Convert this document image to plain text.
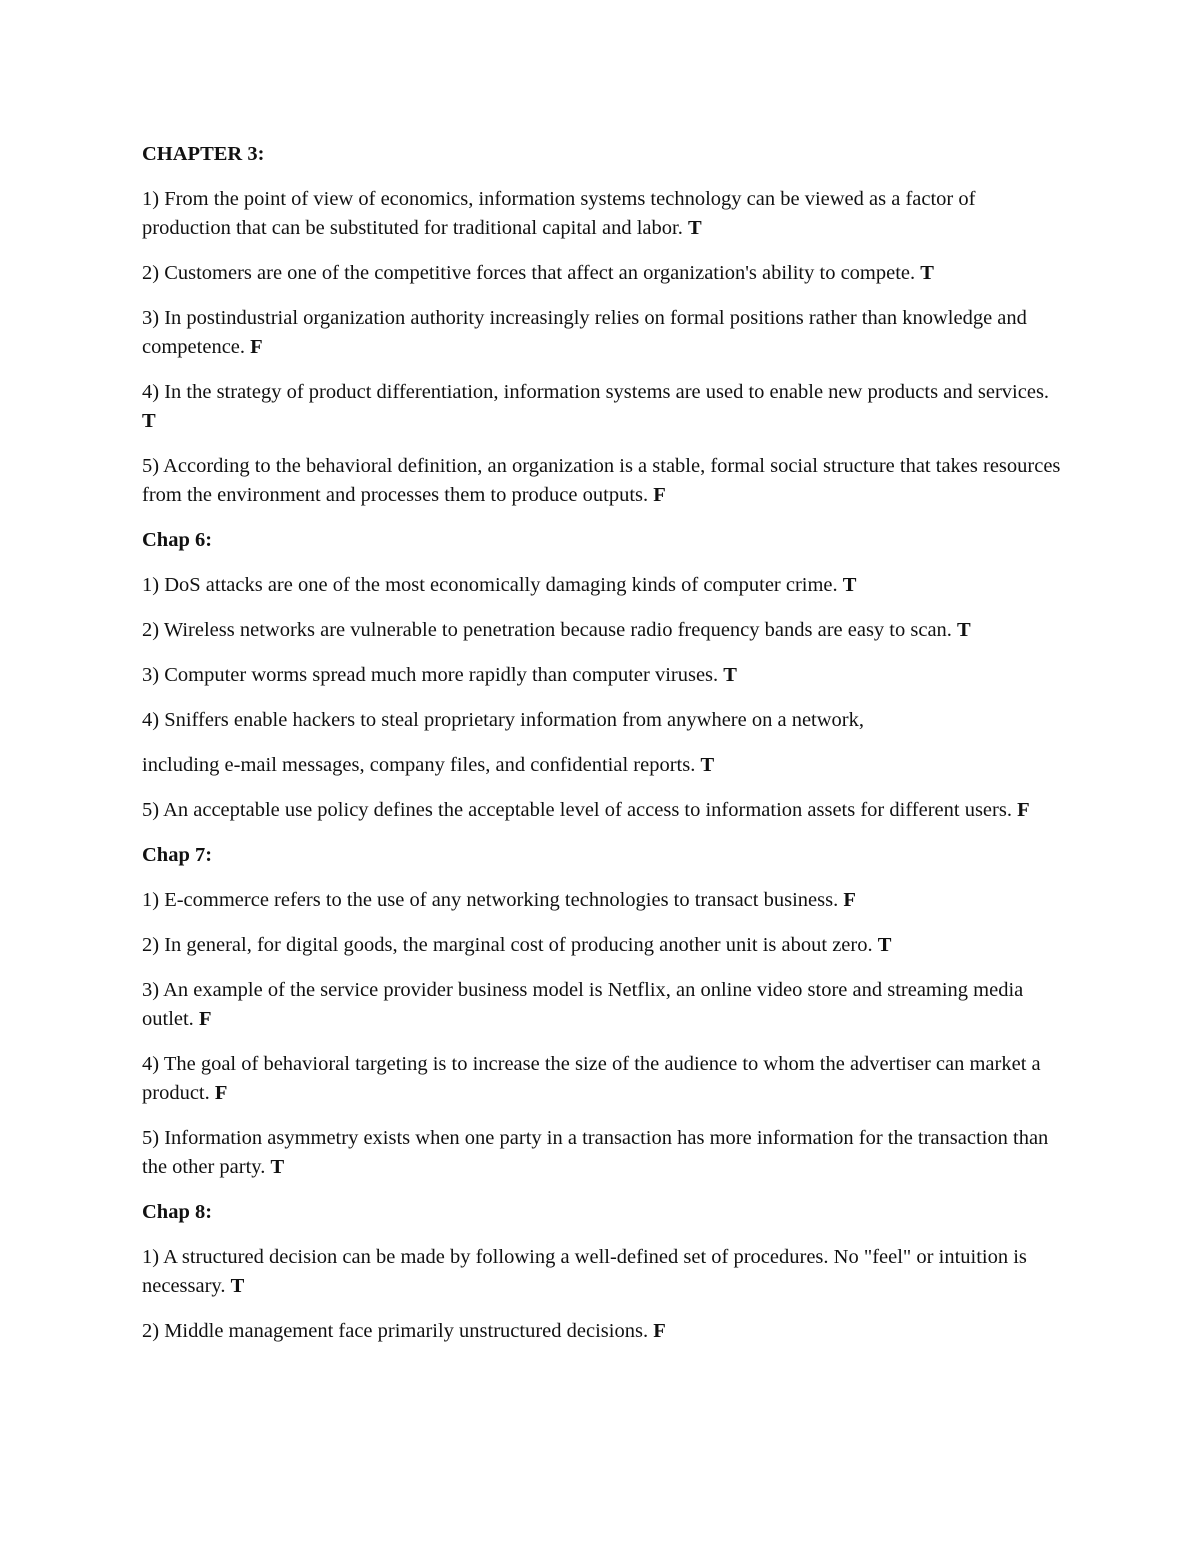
CHAPTER 3:

1) From the point of view of economics, information systems technology can be viewed as a factor of production that can be substituted for traditional capital and labor. T

2) Customers are one of the competitive forces that affect an organization's ability to compete. T

3) In postindustrial organization authority increasingly relies on formal positions rather than knowledge and competence. F

4) In the strategy of product differentiation, information systems are used to enable new products and services. T

5) According to the behavioral definition, an organization is a stable, formal social structure that takes resources from the environment and processes them to produce outputs. F

Chap 6:

1) DoS attacks are one of the most economically damaging kinds of computer crime. T

2) Wireless networks are vulnerable to penetration because radio frequency bands are easy to scan. T

3) Computer worms spread much more rapidly than computer viruses. T

4) Sniffers enable hackers to steal proprietary information from anywhere on a network,

including e-mail messages, company files, and confidential reports. T

5) An acceptable use policy defines the acceptable level of access to information assets for different users. F

Chap 7:

1) E-commerce refers to the use of any networking technologies to transact business. F

2) In general, for digital goods, the marginal cost of producing another unit is about zero. T

3) An example of the service provider business model is Netflix, an online video store and streaming media outlet. F

4) The goal of behavioral targeting is to increase the size of the audience to whom the advertiser can market a product. F

5) Information asymmetry exists when one party in a transaction has more information for the transaction than the other party. T

Chap 8:

1) A structured decision can be made by following a well-defined set of procedures. No "feel" or intuition is necessary. T

2) Middle management face primarily unstructured decisions. F
